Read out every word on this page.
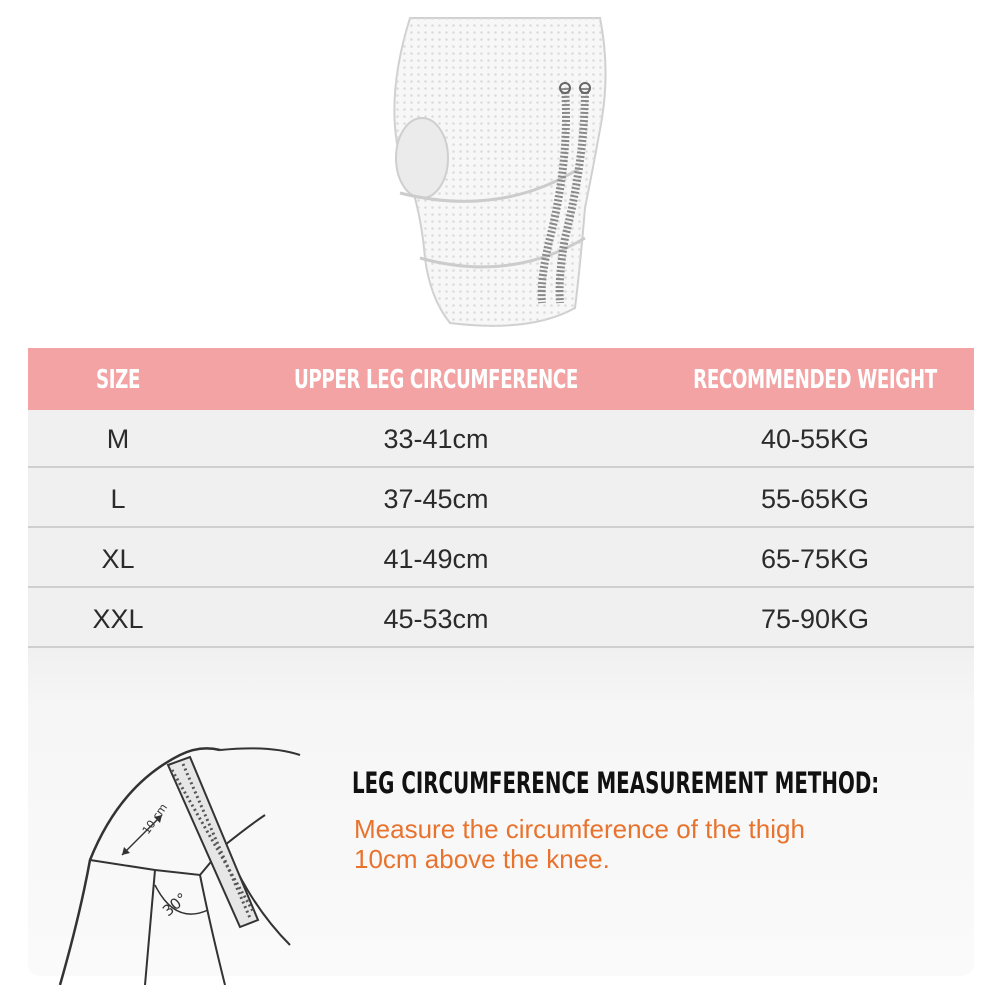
SIZE	UPPER LEG CIRCUMFERENCE	RECOMMENDED WEIGHT
M	33-41cm	40-55KG
L	37-45cm	55-65KG
XL	41-49cm	65-75KG
XXL	45-53cm	75-90KG
10 cm
30°
LEG CIRCUMFERENCE MEASUREMENT METHOD:
Measure the circumference of the thigh
10cm above the knee.
